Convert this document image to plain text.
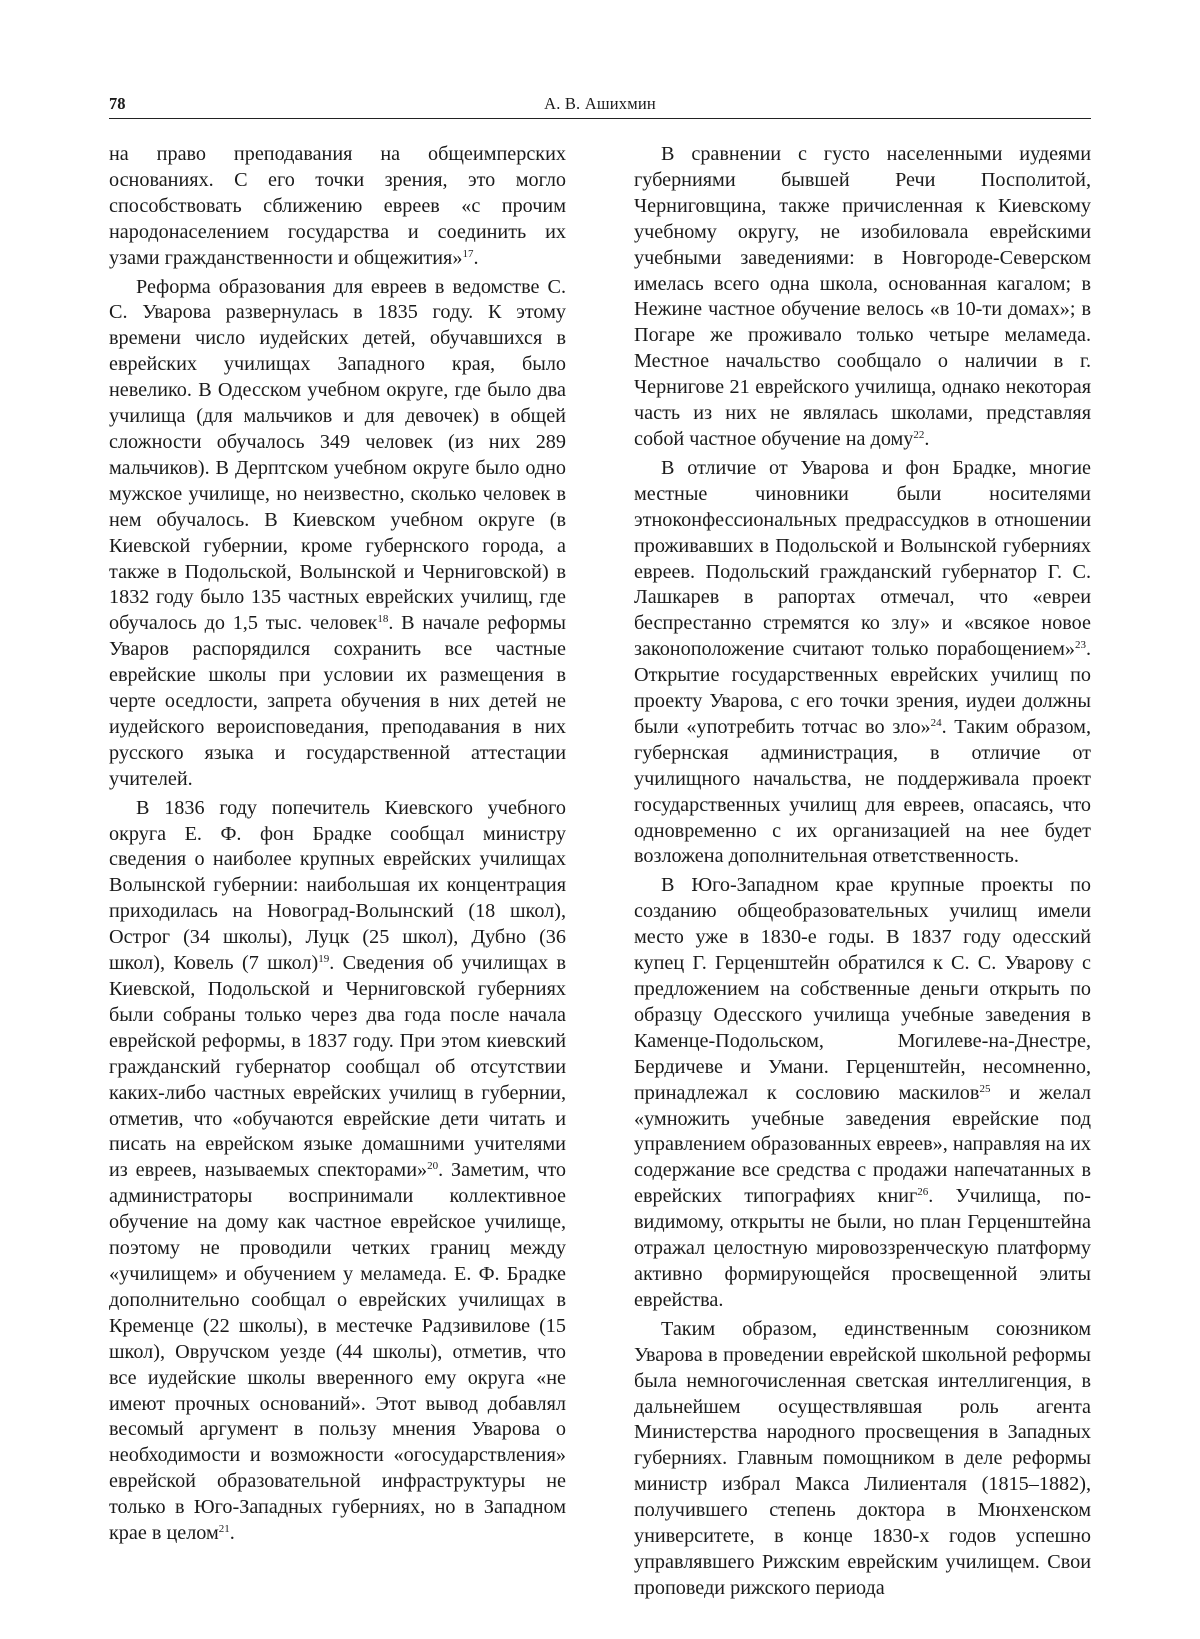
78	А. В. Ашихмин

на право преподавания на общеимперских основаниях. С его точки зрения, это могло способствовать сближению евреев «с прочим народонаселением государства и соединить их узами гражданственности и общежития»$^{17}$.

Реформа образования для евреев в ведомстве С. С. Уварова развернулась в 1835 году. К этому времени число иудейских детей, обучавшихся в еврейских училищах Западного края, было невелико. В Одесском учебном округе, где было два училища (для мальчиков и для девочек) в общей сложности обучалось 349 человек (из них 289 мальчиков). В Дерптском учебном округе было одно мужское училище, но неизвестно, сколько человек в нем обучалось. В Киевском учебном округе (в Киевской губернии, кроме губернского города, а также в Подольской, Волынской и Черниговской) в 1832 году было 135 частных еврейских училищ, где обучалось до 1,5 тыс. человек$^{18}$. В начале реформы Уваров распорядился сохранить все частные еврейские школы при условии их размещения в черте оседлости, запрета обучения в них детей не иудейского вероисповедания, преподавания в них русского языка и государственной аттестации учителей.

В 1836 году попечитель Киевского учебного округа Е. Ф. фон Брадке сообщал министру сведения о наиболее крупных еврейских училищах Волынской губернии: наибольшая их концентрация приходилась на Новоград-Волынский (18 школ), Острог (34 школы), Луцк (25 школ), Дубно (36 школ), Ковель (7 школ)$^{19}$. Сведения об училищах в Киевской, Подольской и Черниговской губерниях были собраны только через два года после начала еврейской реформы, в 1837 году. При этом киевский гражданский губернатор сообщал об отсутствии каких-либо частных еврейских училищ в губернии, отметив, что «обучаются еврейские дети читать и писать на еврейском языке домашними учителями из евреев, называемых спекторами»$^{20}$. Заметим, что администраторы воспринимали коллективное обучение на дому как частное еврейское училище, поэтому не проводили четких границ между «училищем» и обучением у меламеда. Е. Ф. Брадке дополнительно сообщал о еврейских училищах в Кременце (22 школы), в местечке Радзивилове (15 школ), Овручском уезде (44 школы), отметив, что все иудейские школы вверенного ему округа «не имеют прочных оснований». Этот вывод добавлял весомый аргумент в пользу мнения Уварова о необходимости и возможности «огосударствления» еврейской образовательной инфраструктуры не только в Юго-Западных губерниях, но в Западном крае в целом$^{21}$.

В сравнении с густо населенными иудеями губерниями бывшей Речи Посполитой, Черниговщина, также причисленная к Киевскому учебному округу, не изобиловала еврейскими учебными заведениями: в Новгороде-Северском имелась всего одна школа, основанная кагалом; в Нежине частное обучение велось «в 10-ти домах»; в Погаре же проживало только четыре меламеда. Местное начальство сообщало о наличии в г. Чернигове 21 еврейского училища, однако некоторая часть из них не являлась школами, представляя собой частное обучение на дому$^{22}$.

В отличие от Уварова и фон Брадке, многие местные чиновники были носителями этноконфессиональных предрассудков в отношении проживавших в Подольской и Волынской губерниях евреев. Подольский гражданский губернатор Г. С. Лашкарев в рапортах отмечал, что «евреи беспрестанно стремятся ко злу» и «всякое новое законоположение считают только порабощением»$^{23}$. Открытие государственных еврейских училищ по проекту Уварова, с его точки зрения, иудеи должны были «употребить тотчас во зло»$^{24}$. Таким образом, губернская администрация, в отличие от училищного начальства, не поддерживала проект государственных училищ для евреев, опасаясь, что одновременно с их организацией на нее будет возложена дополнительная ответственность.

В Юго-Западном крае крупные проекты по созданию общеобразовательных училищ имели место уже в 1830-е годы. В 1837 году одесский купец Г. Герценштейн обратился к С. С. Уварову с предложением на собственные деньги открыть по образцу Одесского училища учебные заведения в Каменце-Подольском, Могилеве-на-Днестре, Бердичеве и Умани. Герценштейн, несомненно, принадлежал к сословию маскилов$^{25}$ и желал «умножить учебные заведения еврейские под управлением образованных евреев», направляя на их содержание все средства с продажи напечатанных в еврейских типографиях книг$^{26}$. Училища, по-видимому, открыты не были, но план Герценштейна отражал целостную мировоззренческую платформу активно формирующейся просвещенной элиты еврейства.

Таким образом, единственным союзником Уварова в проведении еврейской школьной реформы была немногочисленная светская интеллигенция, в дальнейшем осуществлявшая роль агента Министерства народного просвещения в Западных губерниях. Главным помощником в деле реформы министр избрал Макса Лилиенталя (1815–1882), получившего степень доктора в Мюнхенском университете, в конце 1830-х годов успешно управлявшего Рижским еврейским училищем. Свои проповеди рижского периода
